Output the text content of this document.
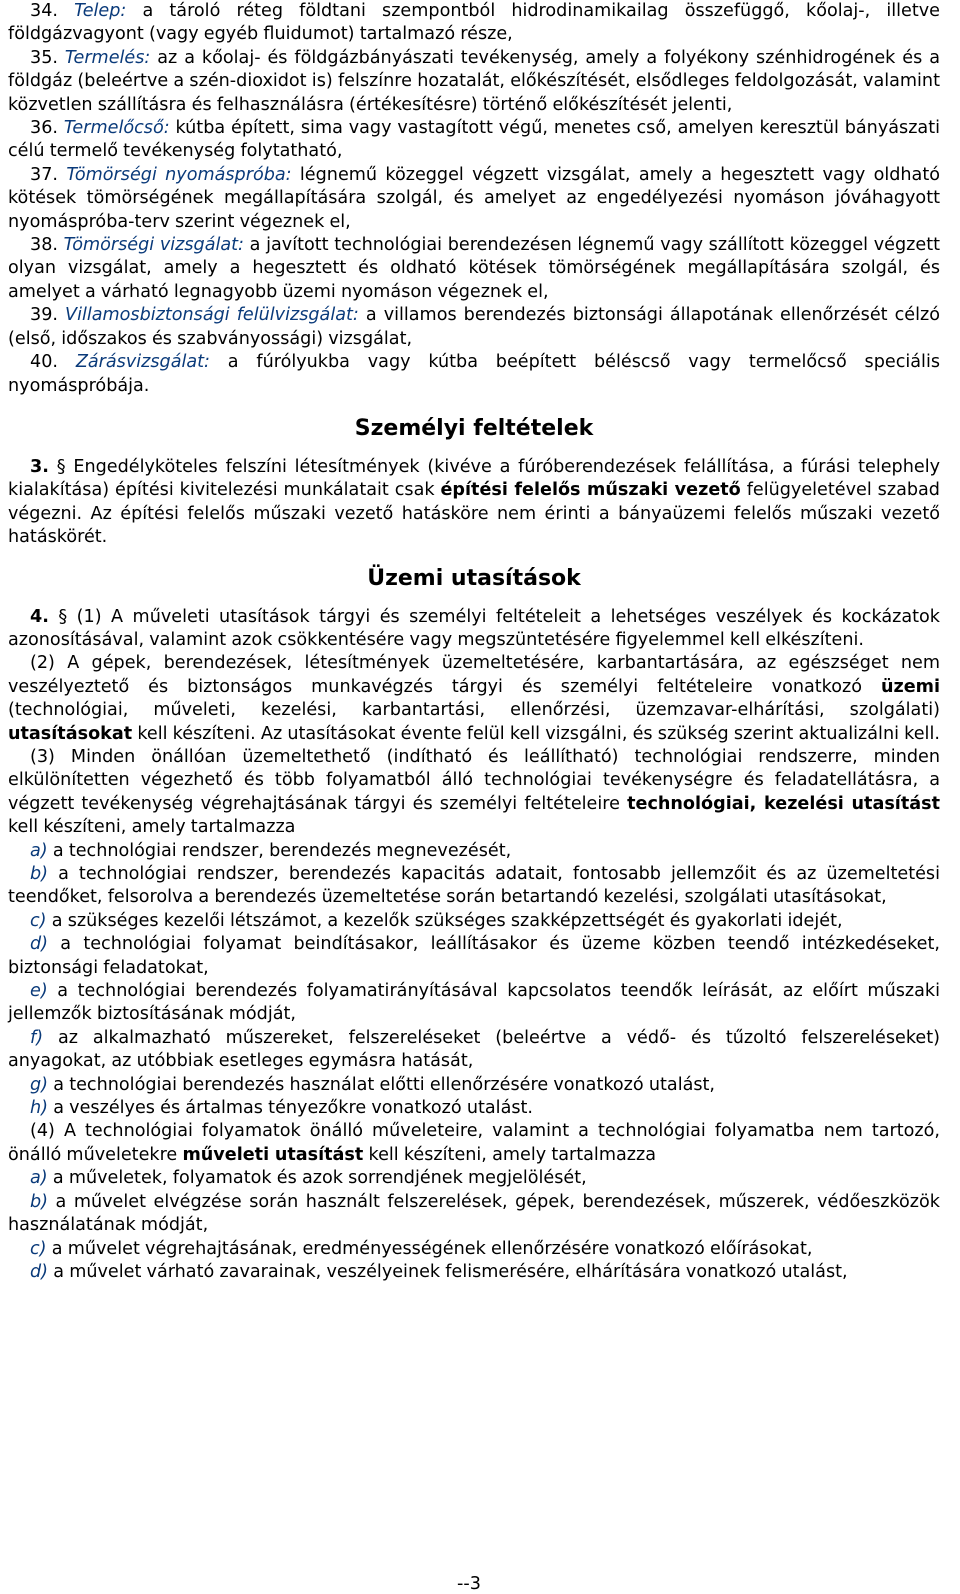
34. Telep: a tároló réteg földtani szempontból hidrodinamikailag összefüggő, kőolaj-, illetve földgázvagyont (vagy egyéb fluidumot) tartalmazó része,

35. Termelés: az a kőolaj- és földgázbányászati tevékenység, amely a folyékony szénhidrogének és a földgáz (beleértve a szén-dioxidot is) felszínre hozatalát, előkészítését, elsődleges feldolgozását, valamint közvetlen szállításra és felhasználásra (értékesítésre) történő előkészítését jelenti,

36. Termelőcső: kútba épített, sima vagy vastagított végű, menetes cső, amelyen keresztül bányászati célú termelő tevékenység folytatható,

37. Tömörségi nyomáspróba: légnemű közeggel végzett vizsgálat, amely a hegesztett vagy oldható kötések tömörségének megállapítására szolgál, és amelyet az engedélyezési nyomáson jóváhagyott nyomáspróba-terv szerint végeznek el,

38. Tömörségi vizsgálat: a javított technológiai berendezésen légnemű vagy szállított közeggel végzett olyan vizsgálat, amely a hegesztett és oldható kötések tömörségének megállapítására szolgál, és amelyet a várható legnagyobb üzemi nyomáson végeznek el,

39. Villamosbiztonsági felülvizsgálat: a villamos berendezés biztonsági állapotának ellenőrzését célzó (első, időszakos és szabványossági) vizsgálat,

40. Zárásvizsgálat: a fúrólyukba vagy kútba beépített béléscső vagy termelőcső speciális nyomáspróbája.

Személyi feltételek

3. § Engedélyköteles felszíni létesítmények (kivéve a fúróberendezések felállítása, a fúrási telephely kialakítása) építési kivitelezési munkálatait csak építési felelős műszaki vezető felügyeletével szabad végezni. Az építési felelős műszaki vezető hatásköre nem érinti a bányaüzemi felelős műszaki vezető hatáskörét.

Üzemi utasítások

4. § (1) A műveleti utasítások tárgyi és személyi feltételeit a lehetséges veszélyek és kockázatok azonosításával, valamint azok csökkentésére vagy megszüntetésére figyelemmel kell elkészíteni.

(2) A gépek, berendezések, létesítmények üzemeltetésére, karbantartására, az egészséget nem veszélyeztető és biztonságos munkavégzés tárgyi és személyi feltételeire vonatkozó üzemi (technológiai, műveleti, kezelési, karbantartási, ellenőrzési, üzemzavar-elhárítási, szolgálati) utasításokat kell készíteni. Az utasításokat évente felül kell vizsgálni, és szükség szerint aktualizálni kell.

(3) Minden önállóan üzemeltethető (indítható és leállítható) technológiai rendszerre, minden elkülönítetten végezhető és több folyamatból álló technológiai tevékenységre és feladatellátásra, a végzett tevékenység végrehajtásának tárgyi és személyi feltételeire technológiai, kezelési utasítást kell készíteni, amely tartalmazza

a) a technológiai rendszer, berendezés megnevezését,

b) a technológiai rendszer, berendezés kapacitás adatait, fontosabb jellemzőit és az üzemeltetési teendőket, felsorolva a berendezés üzemeltetése során betartandó kezelési, szolgálati utasításokat,

c) a szükséges kezelői létszámot, a kezelők szükséges szakképzettségét és gyakorlati idejét,

d) a technológiai folyamat beindításakor, leállításakor és üzeme közben teendő intézkedéseket, biztonsági feladatokat,

e) a technológiai berendezés folyamatirányításával kapcsolatos teendők leírását, az előírt műszaki jellemzők biztosításának módját,

f) az alkalmazható műszereket, felszereléseket (beleértve a védő- és tűzoltó felszereléseket) anyagokat, az utóbbiak esetleges egymásra hatását,

g) a technológiai berendezés használat előtti ellenőrzésére vonatkozó utalást,

h) a veszélyes és ártalmas tényezőkre vonatkozó utalást.

(4) A technológiai folyamatok önálló műveleteire, valamint a technológiai folyamatba nem tartozó, önálló műveletekre műveleti utasítást kell készíteni, amely tartalmazza

a) a műveletek, folyamatok és azok sorrendjének megjelölését,

b) a művelet elvégzése során használt felszerelések, gépek, berendezések, műszerek, védőeszközök használatának módját,

c) a művelet végrehajtásának, eredményességének ellenőrzésére vonatkozó előírásokat,

d) a művelet várható zavarainak, veszélyeinek felismerésére, elhárítására vonatkozó utalást,

--3
